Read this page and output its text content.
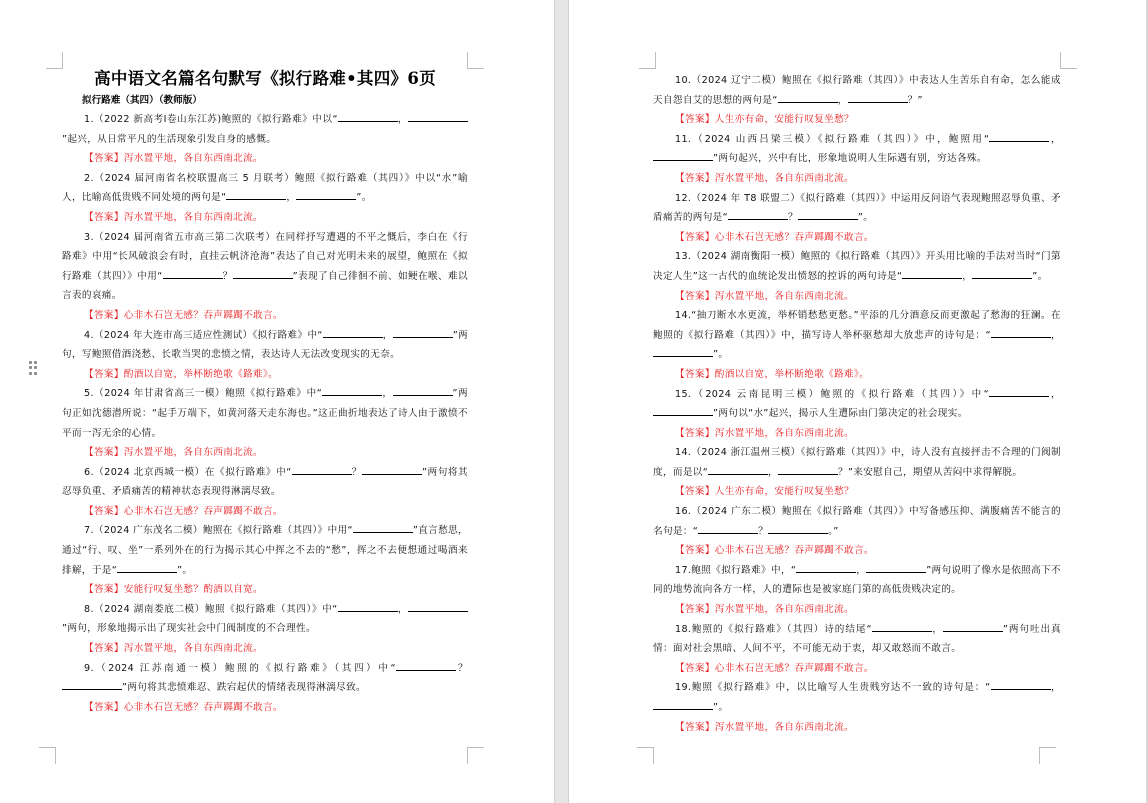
高中语文名篇名句默写《拟行路难•其四》6页
拟行路难（其四）（教师版）

1.（2022 新高考Ⅰ卷山东江苏)鲍照的《拟行路难》中以“	，”起兴，从日常平凡的生活现象引发自身的感慨。

【答案】泻水置平地，各自东西南北流。

2.（2024 届河南省名校联盟高三 5 月联考）鲍照《拟行路难（其四）》中以“水”喻人，比喻高低贵贱不同处境的两句是“	，	”。

【答案】泻水置平地，各自东西南北流。

3.（2024 届河南省五市高三第二次联考）在同样抒写遭遇的不平之慨后，李白在《行路难》中用“长风破浪会有时，直挂云帆济沧海”表达了自己对光明未来的展望，鲍照在《拟行路难（其四）》中用“	？	”表现了自己徘徊不前、如鲠在喉、难以言表的哀痛。

【答案】心非木石岂无感？吞声踯躅不敢言。

4.（2024 年大连市高三适应性测试）《拟行路难》中“	，	”两句，写鲍照借酒浇愁、长歌当哭的悲愤之情，表达诗人无法改变现实的无奈。

【答案】酌酒以自宽，举杯断绝歌《路难》。

5.（2024 年甘肃省高三一模）鲍照《拟行路难》中“	，	”两句正如沈德潜所说：“起手万端下，如黄河落天走东海也。”这正曲折地表达了诗人由于激愤不平而一泻无余的心情。

【答案】泻水置平地，各自东西南北流。

6.（2024 北京西城一模）在《拟行路难》中“	？	”两句将其忍辱负重、矛盾痛苦的精神状态表现得淋漓尽致。

【答案】心非木石岂无感？吞声踯躅不敢言。

7.（2024 广东茂名二模）鲍照在《拟行路难（其四）》中用“	”直言愁思，通过“行、叹、坐”一系列外在的行为揭示其心中挥之不去的“愁”，挥之不去便想通过喝酒来排解，于是“	”。

【答案】安能行叹复坐愁？酌酒以自宽。

8.（2024 湖南娄底二模）鲍照《拟行路难（其四）》中“	，”两句，形象地揭示出了现实社会中门阀制度的不合理性。

【答案】泻水置平地，各自东西南北流。

9.（2024 江苏南通一模）鲍照的《拟行路难》（其四）中“	？”两句将其悲愤难忍、跌宕起伏的情绪表现得淋漓尽致。

【答案】心非木石岂无感？吞声踯躅不敢言。

10.（2024 辽宁二模）鲍照在《拟行路难（其四）》中表达人生苦乐自有命，怎么能成天自怨自艾的思想的两句是“	，	？”

【答案】人生亦有命，安能行叹复坐愁？

11.（2024 山西吕梁三模）《拟行路难（其四）》中，鲍照用“	，”两句起兴，兴中有比，形象地说明人生际遇有别，穷达各殊。

【答案】泻水置平地，各自东西南北流。

12.（2024 年 T8 联盟二）《拟行路难（其四）》中运用反问语气表现鲍照忍辱负重、矛盾痛苦的两句是“	？	”。

【答案】心非木石岂无感？吞声踯躅不敢言。

13.（2024 湖南衡阳一模）鲍照的《拟行路难（其四）》开头用比喻的手法对当时“门第决定人生”这一古代的血统论发出愤怒的控诉的两句诗是“	，	”。

【答案】泻水置平地，各自东西南北流。

14.“抽刀断水水更流，举杯销愁愁更愁。”平添的几分酒意反而更激起了愁海的狂澜。在鲍照的《拟行路难（其四）》中，描写诗人举杯驱愁却大放悲声的诗句是：“	，”。

【答案】酌酒以自宽，举杯断绝歌《路难》。

15.（2024 云南昆明三模）鲍照的《拟行路难（其四）》中“	，”两句以“水”起兴，揭示人生遭际由门第决定的社会现实。

【答案】泻水置平地，各自东西南北流。

14.（2024 浙江温州三模）《拟行路难（其四）》中，诗人没有直接抨击不合理的门阀制度，而是以“	，	？”来安慰自己，期望从苦闷中求得解脱。

【答案】人生亦有命，安能行叹复坐愁？

16.（2024 广东二模）鲍照在《拟行路难（其四）》中写备感压抑、满腹痛苦不能言的名句是：“	？	。”

【答案】心非木石岂无感？吞声踯躅不敢言。

17.鲍照《拟行路难》中，“	，	”两句说明了像水是依照高下不同的地势流向各方一样，人的遭际也是被家庭门第的高低贵贱决定的。

【答案】泻水置平地，各自东西南北流。

18.鲍照的《拟行路难》（其四）诗的结尾“	，	”两句吐出真情：面对社会黑暗、人间不平，不可能无动于衷，却又敢怒而不敢言。

【答案】心非木石岂无感？吞声踯躅不敢言。

19.鲍照《拟行路难》中，以比喻写人生贵贱穷达不一致的诗句是：“	，”。

【答案】泻水置平地，各自东西南北流。
